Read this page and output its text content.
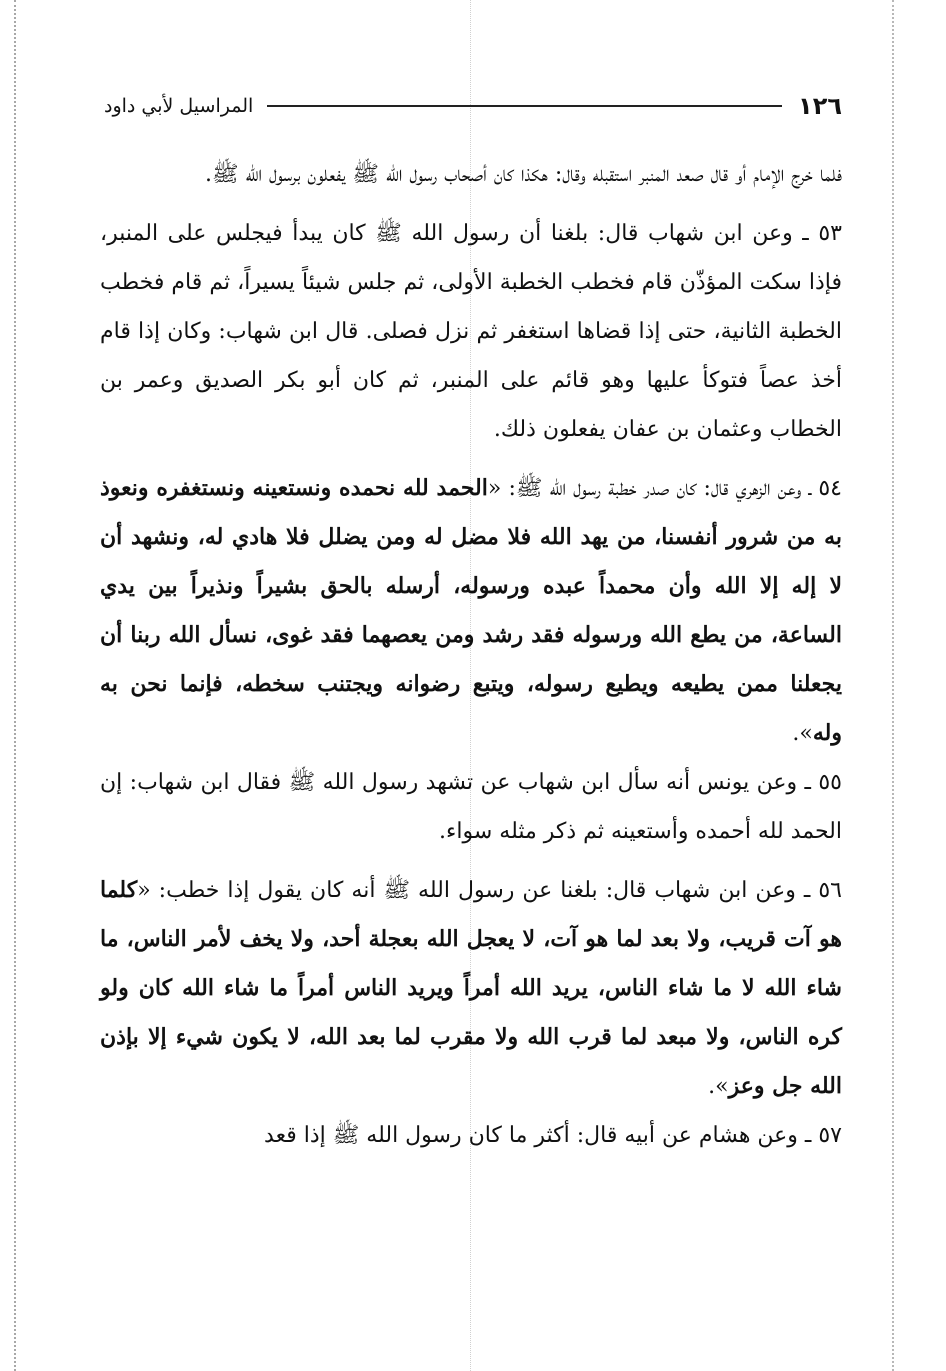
١٢٦
المراسيل لأبي داود

فلما خرج الإمام أو قال صعد المنبر استقبله وقال: هكذا كان أصحاب رسول الله ﷺ يفعلون برسول الله ﷺ.

٥٣ ـ وعن ابن شهاب قال: بلغنا أن رسول الله ﷺ كان يبدأ فيجلس على المنبر، فإذا سكت المؤذّن قام فخطب الخطبة الأولى، ثم جلس شيئاً يسيراً، ثم قام فخطب الخطبة الثانية، حتى إذا قضاها استغفر ثم نزل فصلى. قال ابن شهاب: وكان إذا قام أخذ عصاً فتوكأ عليها وهو قائم على المنبر، ثم كان أبو بكر الصديق وعمر بن الخطاب وعثمان بن عفان يفعلون ذلك.

٥٤ ـ وعن الزهري قال: كان صدر خطبة رسول الله ﷺ: «الحمد لله نحمده ونستعينه ونستغفره ونعوذ به من شرور أنفسنا، من يهد الله فلا مضل له ومن يضلل فلا هادي له، ونشهد أن لا إله إلا الله وأن محمداً عبده ورسوله، أرسله بالحق بشيراً ونذيراً بين يدي الساعة، من يطع الله ورسوله فقد رشد ومن يعصهما فقد غوى، نسأل الله ربنا أن يجعلنا ممن يطيعه ويطيع رسوله، ويتبع رضوانه ويجتنب سخطه، فإنما نحن به وله».

٥٥ ـ وعن يونس أنه سأل ابن شهاب عن تشهد رسول الله ﷺ فقال ابن شهاب: إن الحمد لله أحمده وأستعينه ثم ذكر مثله سواء.

٥٦ ـ وعن ابن شهاب قال: بلغنا عن رسول الله ﷺ أنه كان يقول إذا خطب: «كلما هو آت قريب، ولا بعد لما هو آت، لا يعجل الله بعجلة أحد، ولا يخف لأمر الناس، ما شاء الله لا ما شاء الناس، يريد الله أمراً ويريد الناس أمراً ما شاء الله كان ولو كره الناس، ولا مبعد لما قرب الله ولا مقرب لما بعد الله، لا يكون شيء إلا بإذن الله جل وعز».

٥٧ ـ وعن هشام عن أبيه قال: أكثر ما كان رسول الله ﷺ إذا قعد
